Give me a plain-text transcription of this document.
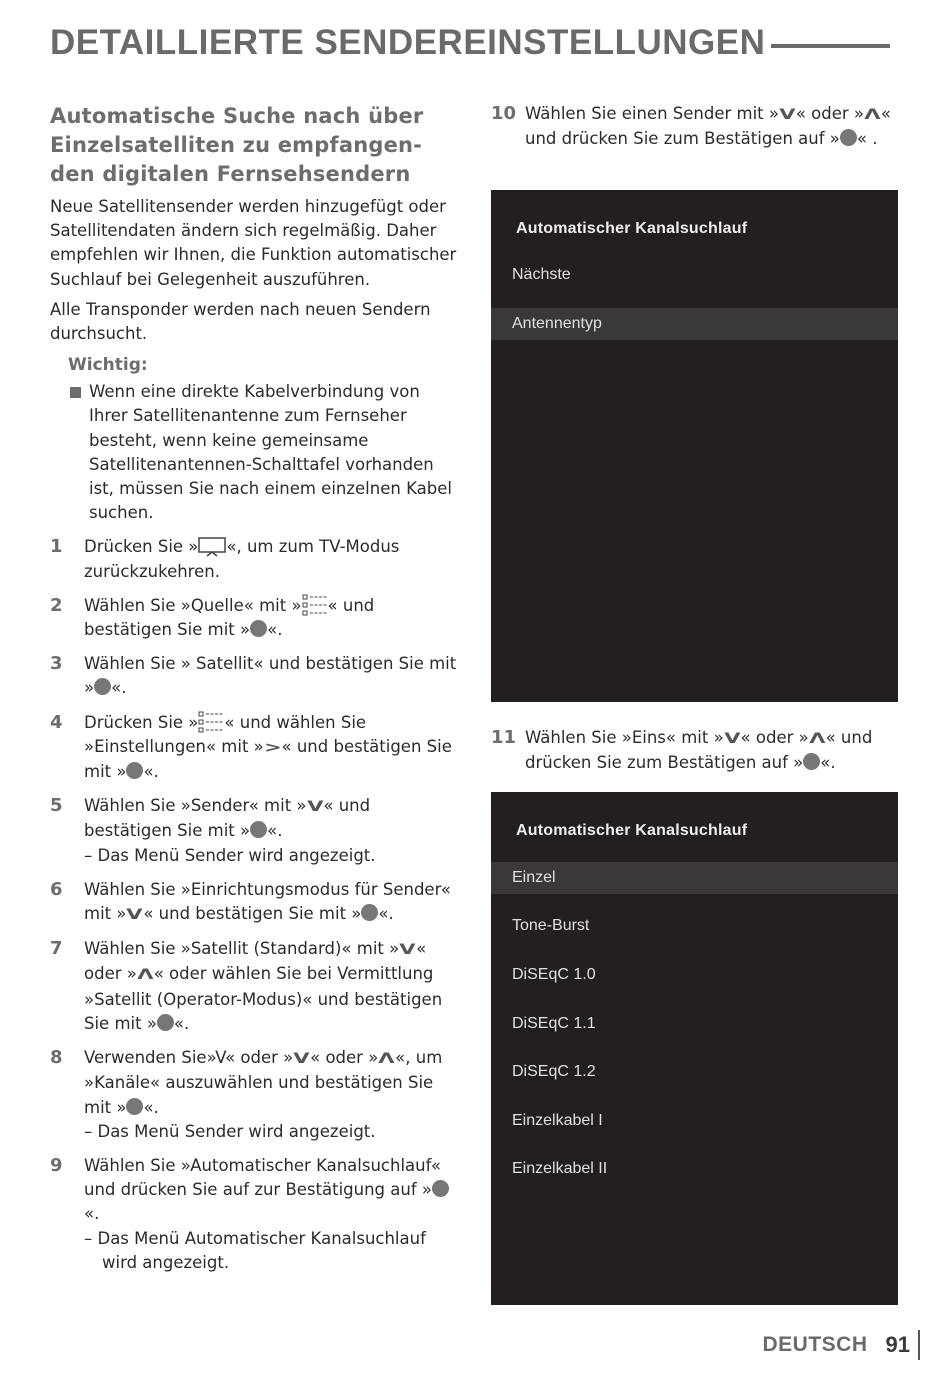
DETAILLIERTE SENDEREINSTELLUNGEN
Automatische Suche nach über
Einzelsatelliten zu empfangen-
den digitalen Fernsehsendern

Neue Satellitensender werden hinzugefügt oder Satellitendaten ändern sich regelmäßig. Daher empfehlen wir Ihnen, die Funktion automatischer Suchlauf bei Gelegenheit auszuführen.

Alle Transponder werden nach neuen Sendern durchsucht.

Wichtig:
Wenn eine direkte Kabelverbindung von Ihrer Satellitenantenne zum Fernseher besteht, wenn keine gemeinsame Satellitenantennen-Schalttafel vorhanden ist, müssen Sie nach einem einzelnen Kabel suchen.
1	Drücken Sie » «, um zum TV-Modus zurückzukehren.
2	Wählen Sie »Quelle« mit » « und bestätigen Sie mit » «.
3	Wählen Sie » Satellit« und bestätigen Sie mit » «.
4	Drücken Sie » « und wählen Sie »Einstellungen« mit »>« und bestätigen Sie mit » «.
5	Wählen Sie »Sender« mit »V« und bestätigen Sie mit » «.
– Das Menü Sender wird angezeigt.
6	Wählen Sie »Einrichtungsmodus für Sender« mit »V« und bestätigen Sie mit » «.
7	Wählen Sie »Satellit (Standard)« mit »V« oder »Λ« oder wählen Sie bei Vermittlung »Satellit (Operator-Modus)« und bestätigen Sie mit » «.
8	Verwenden Sie»V« oder »V« oder »Λ«, um »Kanäle« auszuwählen und bestätigen Sie mit » «.
– Das Menü Sender wird angezeigt.
9	Wählen Sie »Automatischer Kanalsuchlauf« und drücken Sie auf zur Bestätigung auf »«.
– Das Menü Automatischer Kanalsuchlauf wird angezeigt.
10 Wählen Sie einen Sender mit »V« oder »Λ« und drücken Sie zum Bestätigen auf » « .
Automatischer Kanalsuchlauf
Nächste
Antennentyp
11 Wählen Sie »Eins« mit »V« oder »Λ« und drücken Sie zum Bestätigen auf » «.
Automatischer Kanalsuchlauf
Einzel
Tone-Burst
DiSEqC 1.0
DiSEqC 1.1
DiSEqC 1.2
Einzelkabel I
Einzelkabel II
DEUTSCH 91
